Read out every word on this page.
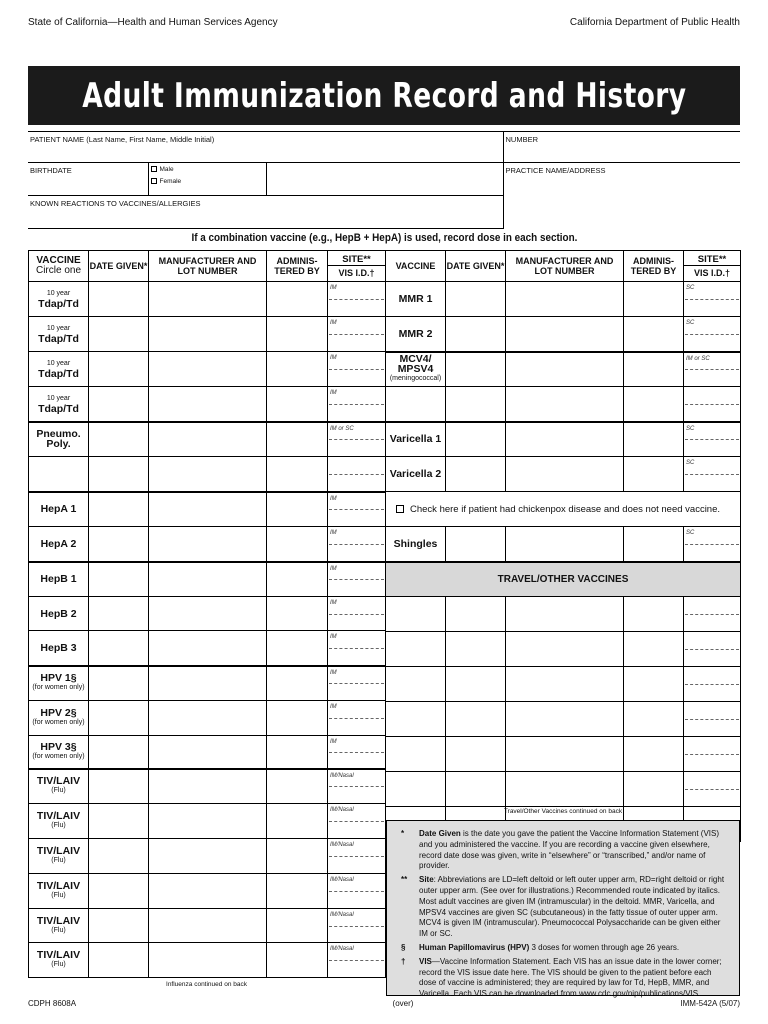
State of California—Health and Human Services Agency	California Department of Public Health
Adult Immunization Record and History
PATIENT NAME (Last Name, First Name, Middle Initial)			NUMBER
BIRTHDATE	Male
Female		PRACTICE NAME/ADDRESS
KNOWN REACTIONS TO VACCINES/ALLERGIES			
If a combination vaccine (e.g., HepB + HepA) is used, record dose in each section.
VACCINE
Circle one	DATE GIVEN*	MANUFACTURER AND LOT NUMBER	ADMINIS- TERED BY	SITE**
VIS I.D.†

10 year
Tdap/Td				IM

10 year
Tdap/Td				IM

10 year
Tdap/Td				IM

10 year
Tdap/Td				IM

Pneumo. Poly.				IM or SC

HepA 1				IM

HepA 2				IM

HepB 1				IM

HepB 2				IM

HepB 3				IM

HPV 1§
(for women only)				IM

HPV 2§
(for women only)				IM

HPV 3§
(for women only)				IM

TIV/LAIV
(Flu)				IM/Nasal

TIV/LAIV
(Flu)				IM/Nasal

TIV/LAIV
(Flu)				IM/Nasal

TIV/LAIV
(Flu)				IM/Nasal

TIV/LAIV
(Flu)				IM/Nasal

TIV/LAIV
(Flu)				IM/Nasal
VACCINE	DATE GIVEN*	MANUFACTURER AND LOT NUMBER	ADMINIS- TERED BY	SITE**
VIS I.D.†

MMR 1				SC

MMR 2				SC

MCV4/ MPSV4
(meningococcal)				IM or SC

Varicella 1				SC

Varicella 2				SC

Check here if patient had chickenpox disease and does not need vaccine.				

Shingles				SC

TRAVEL/OTHER VACCINES				

Travel/Other Vaccines continued on back
Influenza continued on back
* Date Given is the date you gave the patient the Vaccine Information Statement (VIS) and you administered the vaccine. If you are recording a vaccine given elsewhere, record date dose was given, write in “elsewhere” or “transcribed,” and/or name of provider.
** Site: Abbreviations are LD=left deltoid or left outer upper arm, RD=right deltoid or right outer upper arm. (See over for illustrations.) Recommended route indicated by italics. Most adult vaccines are given IM (intramuscular) in the deltoid. MMR, Varicella, and MPSV4 vaccines are given SC (subcutaneous) in the fatty tissue of outer upper arm. MCV4 is given IM (intramuscular). Pneumococcal Polysaccharide can be given either IM or SC.
§ Human Papillomavirus (HPV) 3 doses for women through age 26 years.
† VIS—Vaccine Information Statement. Each VIS has an issue date in the lower corner; record the VIS issue date here. The VIS should be given to the patient before each dose of vaccine is administered; they are required by law for Td, HepB, MMR, and Varicella. Each VIS can be downloaded from www.cdc.gov/nip/publications/VIS.
CDPH 8608A	(over)	IMM-542A (5/07)
